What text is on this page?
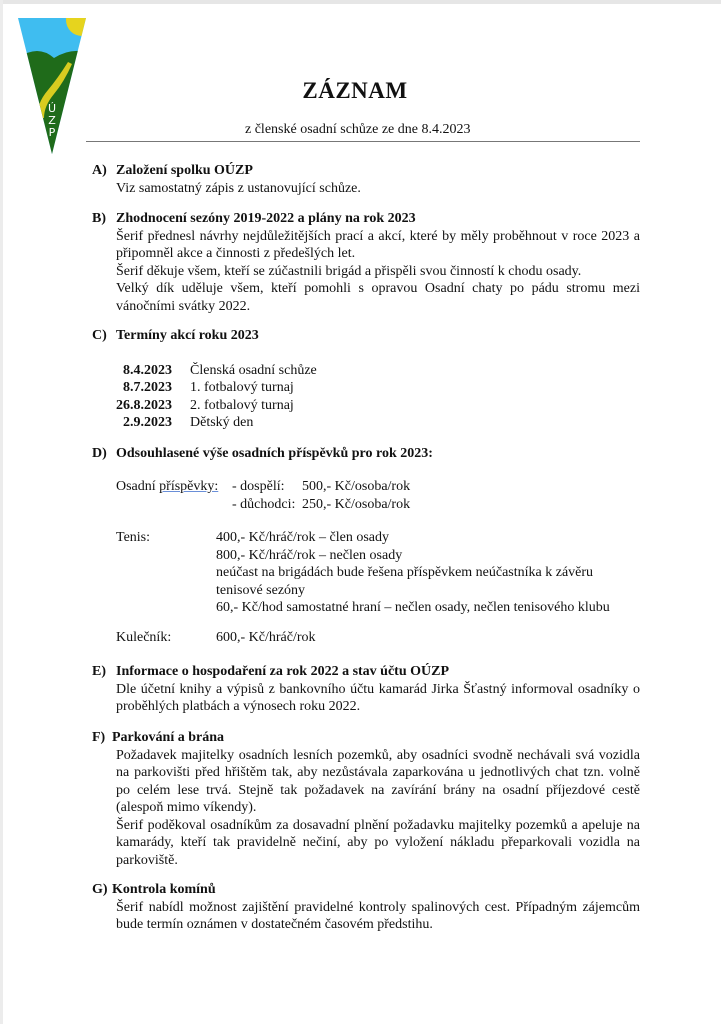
Ú
Z
P
ZÁZNAM
z členské osadní schůze ze dne 8.4.2023
A) Založení spolku OÚZP

Viz samostatný zápis z ustanovující schůze.

B) Zhodnocení sezóny 2019-2022 a plány na rok 2023

Šerif přednesl návrhy nejdůležitějších prací a akcí, které by měly proběhnout v roce 2023 a připomněl akce a činnosti z předešlých let.

Šerif děkuje všem, kteří se zúčastnili brigád a přispěli svou činností k chodu osady.

Velký dík uděluje všem, kteří pomohli s opravou Osadní chaty po pádu stromu mezi vánočními svátky 2022.

C) Termíny akcí roku 2023
8.4.2023	Členská osadní schůze
8.7.2023	1. fotbalový turnaj
26.8.2023	2. fotbalový turnaj
2.9.2023	Dětský den
D) Odsouhlasené výše osadních příspěvků pro rok 2023:
Osadní příspěvky: - dospělí:	500,- Kč/osoba/rok
- důchodci: 250,- Kč/osoba/rok
Tenis:	400,- Kč/hráč/rok – člen osady
800,- Kč/hráč/rok – nečlen osady
neúčast na brigádách bude řešena příspěvkem neúčastníka k závěru tenisové sezóny
60,- Kč/hod samostatné hraní – nečlen osady, nečlen tenisového klubu
Kulečník:	600,- Kč/hráč/rok
E) Informace o hospodaření za rok 2022 a stav účtu OÚZP

Dle účetní knihy a výpisů z bankovního účtu kamarád Jirka Šťastný informoval osadníky o proběhlých platbách a výnosech roku 2022.

F) Parkování a brána

Požadavek majitelky osadních lesních pozemků, aby osadníci svodně nechávali svá vozidla na parkovišti před hřištěm tak, aby nezůstávala zaparkována u jednotlivých chat tzn. volně po celém lese trvá. Stejně tak požadavek na zavírání brány na osadní příjezdové cestě (alespoň mimo víkendy).

Šerif poděkoval osadníkům za dosavadní plnění požadavku majitelky pozemků a apeluje na kamarády, kteří tak pravidelně nečiní, aby po vyložení nákladu přeparkovali vozidla na parkoviště.

G) Kontrola komínů

Šerif nabídl možnost zajištění pravidelné kontroly spalinových cest. Případným zájemcům bude termín oznámen v dostatečném časovém předstihu.
